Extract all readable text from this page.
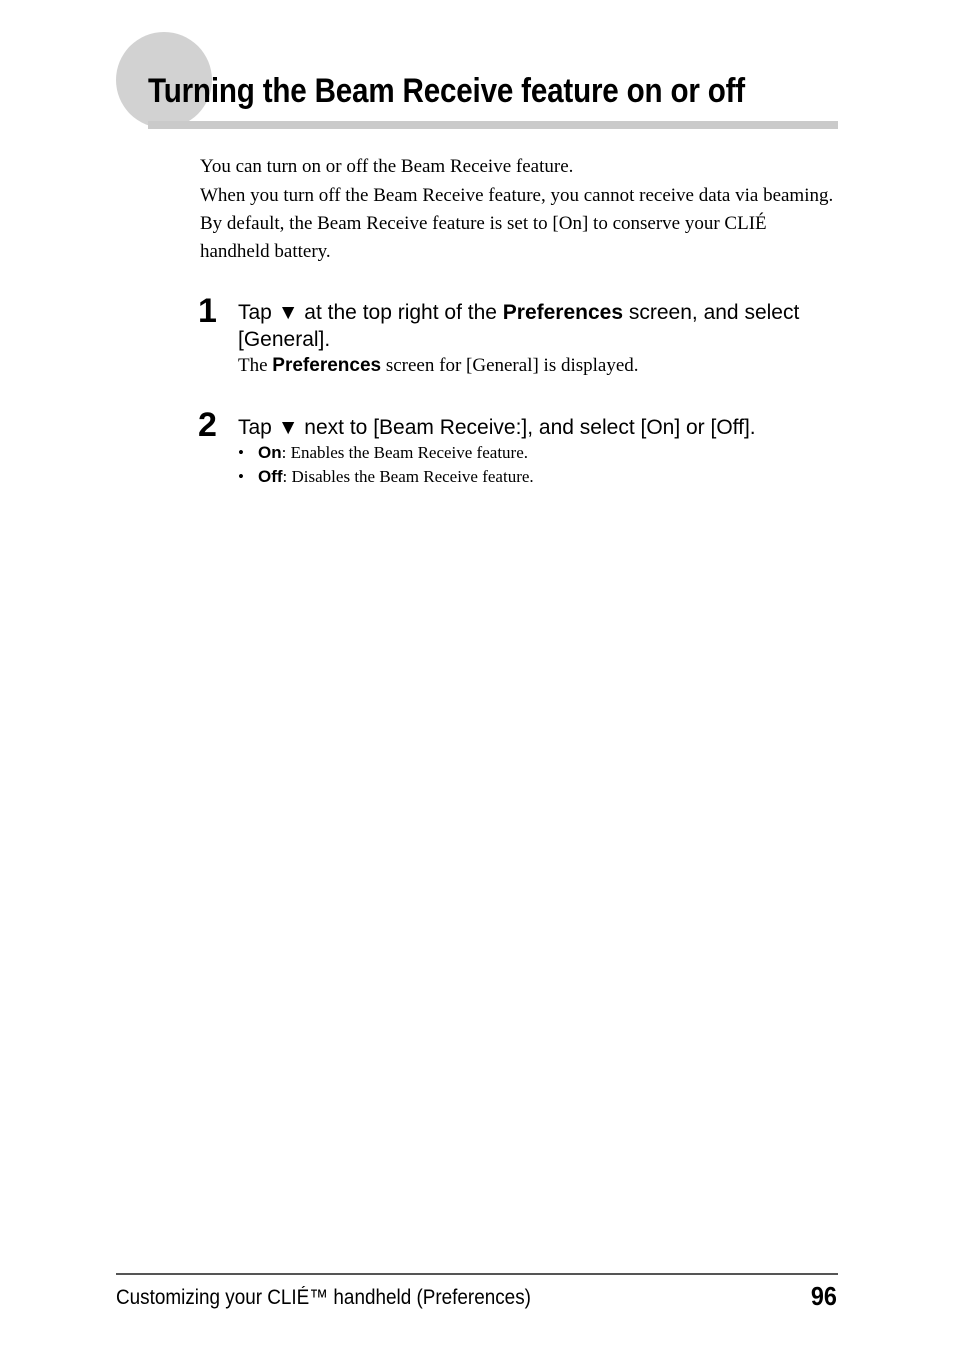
Turning the Beam Receive feature on or off

You can turn on or off the Beam Receive feature.

When you turn off the Beam Receive feature, you cannot receive data via beaming. By default, the Beam Receive feature is set to [On] to conserve your CLIÉ handheld battery.

1 Tap ▼ at the top right of the Preferences screen, and select [General].

The Preferences screen for [General] is displayed.

2 Tap ▼ next to [Beam Receive:], and select [On] or [Off].

• On: Enables the Beam Receive feature.
• Off: Disables the Beam Receive feature.
Customizing your CLIÉ™ handheld (Preferences)	96
